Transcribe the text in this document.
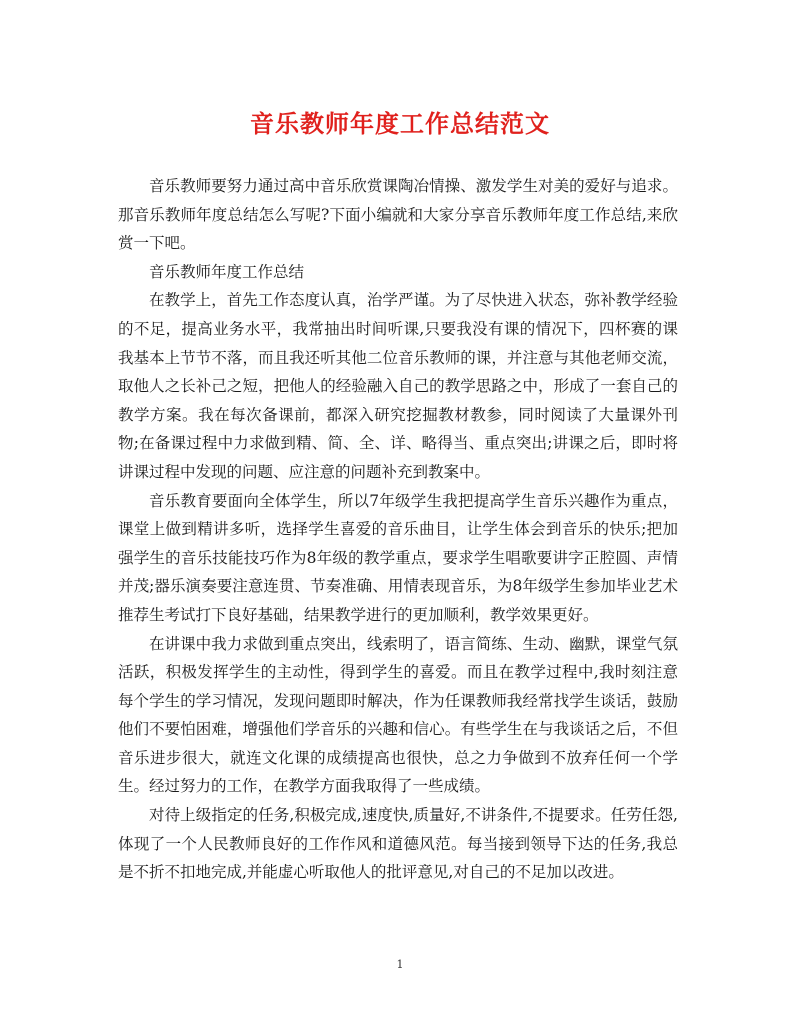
音乐教师年度工作总结范文

音乐教师要努力通过高中音乐欣赏课陶冶情操、激发学生对美的爱好与追求。那音乐教师年度总结怎么写呢?下面小编就和大家分享音乐教师年度工作总结,来欣赏一下吧。

音乐教师年度工作总结

在教学上，首先工作态度认真，治学严谨。为了尽快进入状态，弥补教学经验的不足，提高业务水平，我常抽出时间听课,只要我没有课的情况下，四杯赛的课我基本上节节不落，而且我还听其他二位音乐教师的课，并注意与其他老师交流，取他人之长补己之短，把他人的经验融入自己的教学思路之中，形成了一套自己的教学方案。我在每次备课前，都深入研究挖掘教材教参，同时阅读了大量课外刊物;在备课过程中力求做到精、简、全、详、略得当、重点突出;讲课之后，即时将讲课过程中发现的问题、应注意的问题补充到教案中。

音乐教育要面向全体学生，所以7年级学生我把提高学生音乐兴趣作为重点，课堂上做到精讲多听，选择学生喜爱的音乐曲目，让学生体会到音乐的快乐;把加强学生的音乐技能技巧作为8年级的教学重点，要求学生唱歌要讲字正腔圆、声情并茂;器乐演奏要注意连贯、节奏准确、用情表现音乐，为8年级学生参加毕业艺术推荐生考试打下良好基础，结果教学进行的更加顺利，教学效果更好。

在讲课中我力求做到重点突出，线索明了，语言简练、生动、幽默，课堂气氛活跃，积极发挥学生的主动性，得到学生的喜爱。而且在教学过程中,我时刻注意每个学生的学习情况，发现问题即时解决，作为任课教师我经常找学生谈话，鼓励他们不要怕困难，增强他们学音乐的兴趣和信心。有些学生在与我谈话之后，不但音乐进步很大，就连文化课的成绩提高也很快，总之力争做到不放弃任何一个学生。经过努力的工作，在教学方面我取得了一些成绩。

对待上级指定的任务,积极完成,速度快,质量好,不讲条件,不提要求。任劳任怨,体现了一个人民教师良好的工作作风和道德风范。每当接到领导下达的任务,我总是不折不扣地完成,并能虚心听取他人的批评意见,对自己的不足加以改进。

1
